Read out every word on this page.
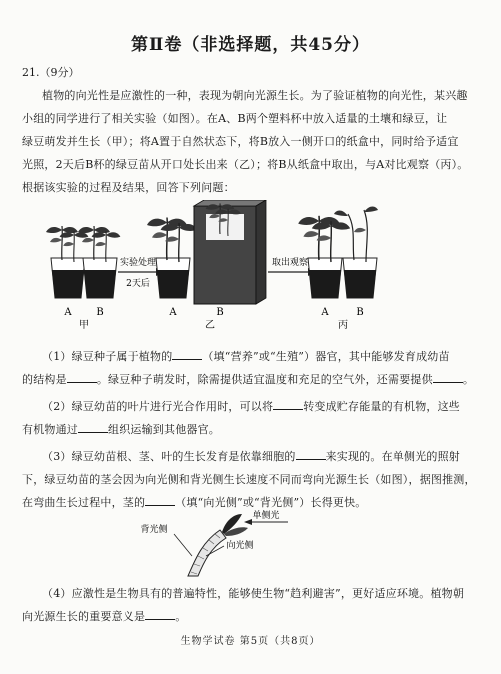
第Ⅱ卷（非选择题，共45分）
21.（9分）

植物的向光性是应激性的一种，表现为朝向光源生长。为了验证植物的向光性，某兴趣

小组的同学进行了相关实验（如图）。在A、B两个塑料杯中放入适量的土壤和绿豆，让

绿豆萌发并生长（甲）；将A置于自然状态下，将B放入一侧开口的纸盒中，同时给予适宜

光照，2天后B杯的绿豆苗从开口处长出来（乙）；将B从纸盒中取出，与A对比观察（丙）。

根据该实验的过程及结果，回答下列问题：

A B
甲
实验处理
2天后
A	B
乙
取出观察
A	B
丙

（1）绿豆种子属于植物的	（填“营养”或“生殖”）器官，其中能够发育成幼苗

的结构是	。绿豆种子萌发时，除需提供适宜温度和充足的空气外，还需要提供	。

（2）绿豆幼苗的叶片进行光合作用时，可以将	转变成贮存能量的有机物，这些

有机物通过	组织运输到其他器官。

（3）绿豆幼苗根、茎、叶的生长发育是依靠细胞的	来实现的。在单侧光的照射

下，绿豆幼苗的茎会因为向光侧和背光侧生长速度不同而弯向光源生长（如图），据图推测，

在弯曲生长过程中，茎的	（填“向光侧”或“背光侧”）长得更快。

单侧光
背光侧
向光侧

（4）应激性是生物具有的普遍特性，能够使生物“趋利避害”，更好适应环境。植物朝

向光源生长的重要意义是	。

生物学试卷 第5页（共8页）
